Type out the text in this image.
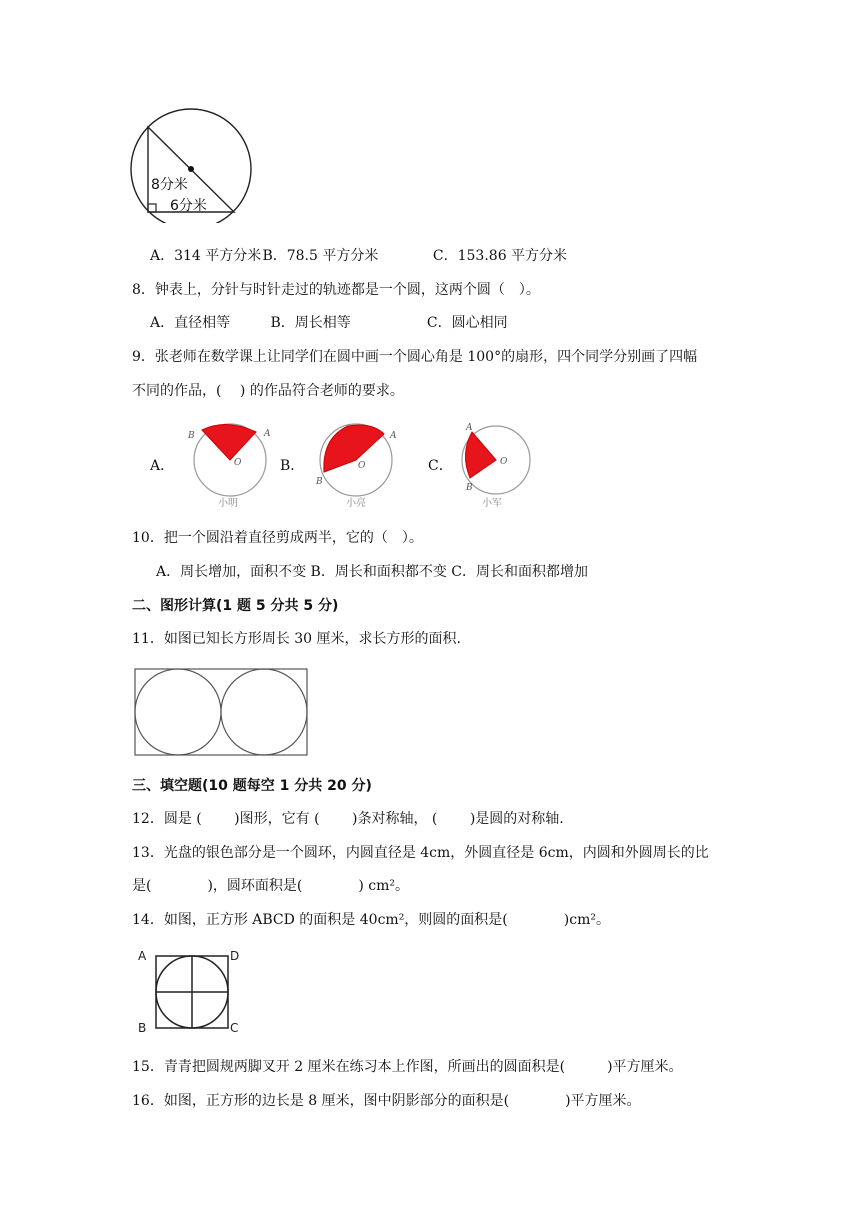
8分米
6分米
A．314 平方分米 B．78.5 平方分米	C．153.86 平方分米
8．钟表上，分针与时针走过的轨迹都是一个圆，这两个圆（　）。
A．直径相等	B．周长相等	C．圆心相同
9．张老师在数学课上让同学们在圆中画一个圆心角是 100°的扇形，四个同学分别画了四幅
不同的作品，(　 ) 的作品符合老师的要求。
A．
B	A
O
小明
B．
B
A
O
小亮
C．
A
B
O
小军
10．把一个圆沿着直径剪成两半，它的（　）。
A．周长增加，面积不变 B．周长和面积都不变 C．周长和面积都增加
二、图形计算(1 题 5 分共 5 分)
11．如图已知长方形周长 30 厘米，求长方形的面积.
三、填空题(10 题每空 1 分共 20 分)
12．圆是 (　　 )图形，它有 (　　 )条对称轴， (　　 )是圆的对称轴.
13．光盘的银色部分是一个圆环，内圆直径是 4cm，外圆直径是 6cm，内圆和外圆周长的比
是(　　　　)，圆环面积是(　　　　) cm²。
14．如图，正方形 ABCD 的面积是 40cm²，则圆的面积是(　　　　)cm²。
A	D
B	C
15．青青把圆规两脚叉开 2 厘米在练习本上作图，所画出的圆面积是(　　　)平方厘米。
16．如图，正方形的边长是 8 厘米，图中阴影部分的面积是(　　　　)平方厘米。
